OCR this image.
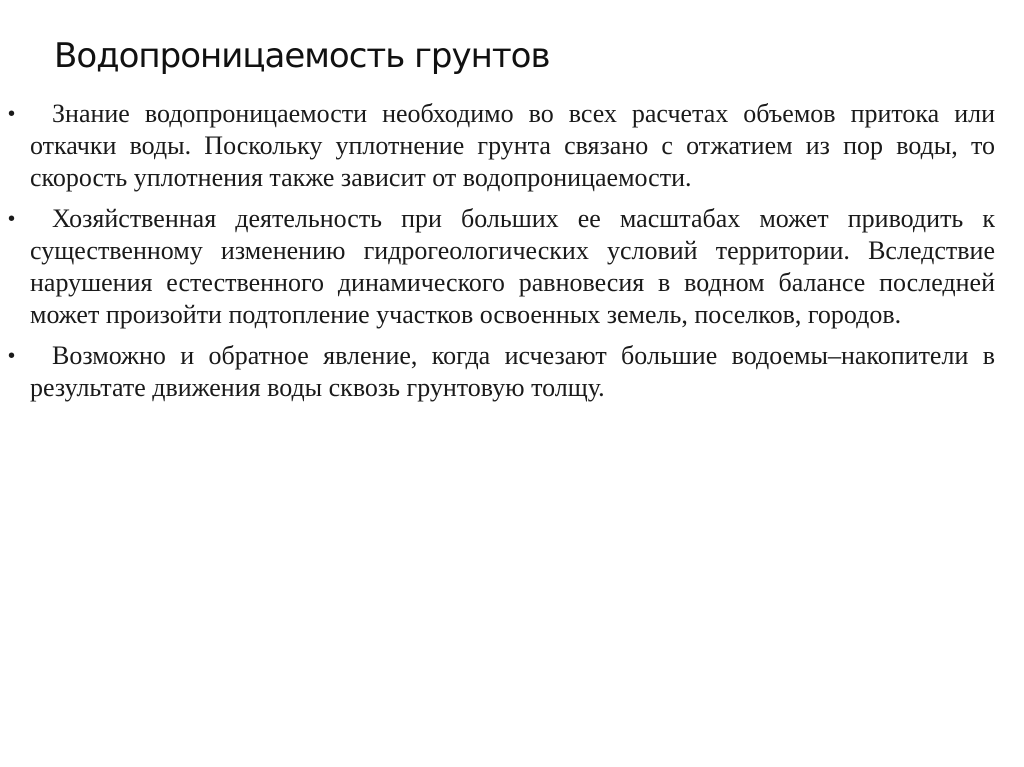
Водопроницаемость грунтов
• Знание водопроницаемости необходимо во всех расчетах объемов притока или откачки воды. Поскольку уплотнение грунта связано с отжатием из пор воды, то скорость уплотнения также зависит от водопроницаемости.
• Хозяйственная деятельность при больших ее масштабах может приводить к существенному изменению гидрогеологических условий территории. Вследствие нарушения естественного динамического равновесия в водном балансе последней может произойти подтопление участков освоенных земель, поселков, городов.
• Возможно и обратное явление, когда исчезают большие водоемы–накопители в результате движения воды сквозь грунтовую толщу.
